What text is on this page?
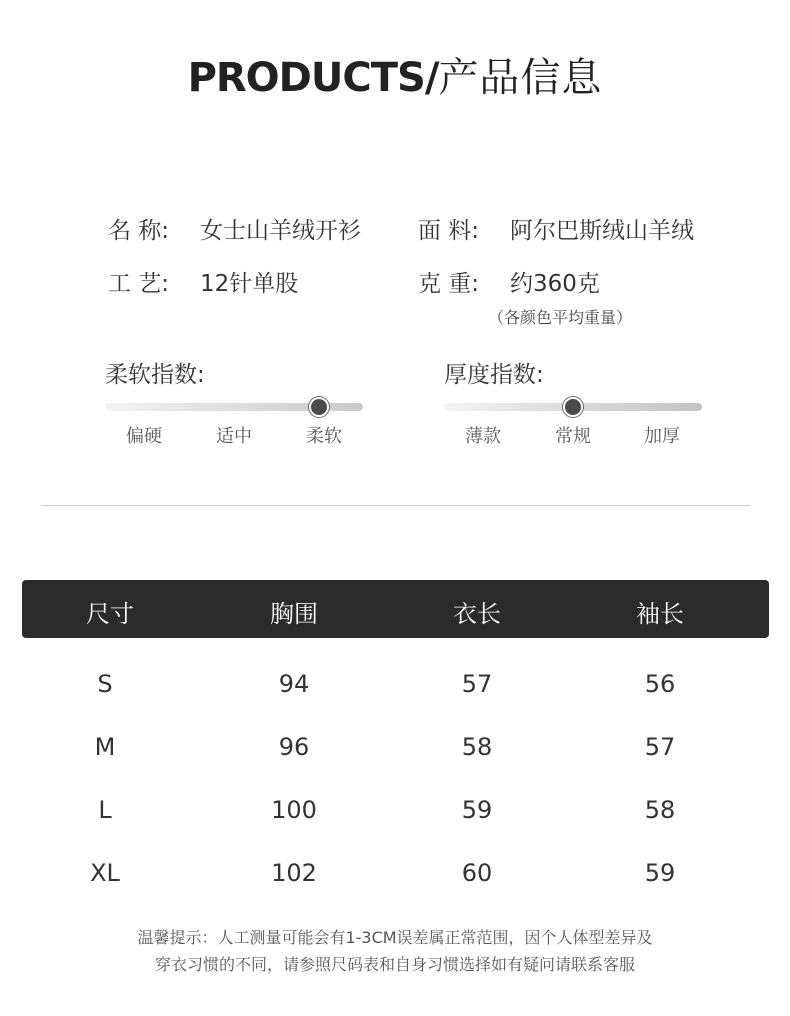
PRODUCTS/产品信息
名 称: 女士山羊绒开衫 面 料: 阿尔巴斯绒山羊绒
工 艺: 12针单股	克 重: 约360克
（各颜色平均重量）
柔软指数:
偏硬	适中	柔软
厚度指数:
薄款	常规	加厚
尺寸	胸围	衣长	袖长
S	94	57	56
M	96	58	57
L	100	59	58
XL	102	60	59
温馨提示：人工测量可能会有1-3CM误差属正常范围，因个人体型差异及
穿衣习惯的不同，请参照尺码表和自身习惯选择如有疑问请联系客服
